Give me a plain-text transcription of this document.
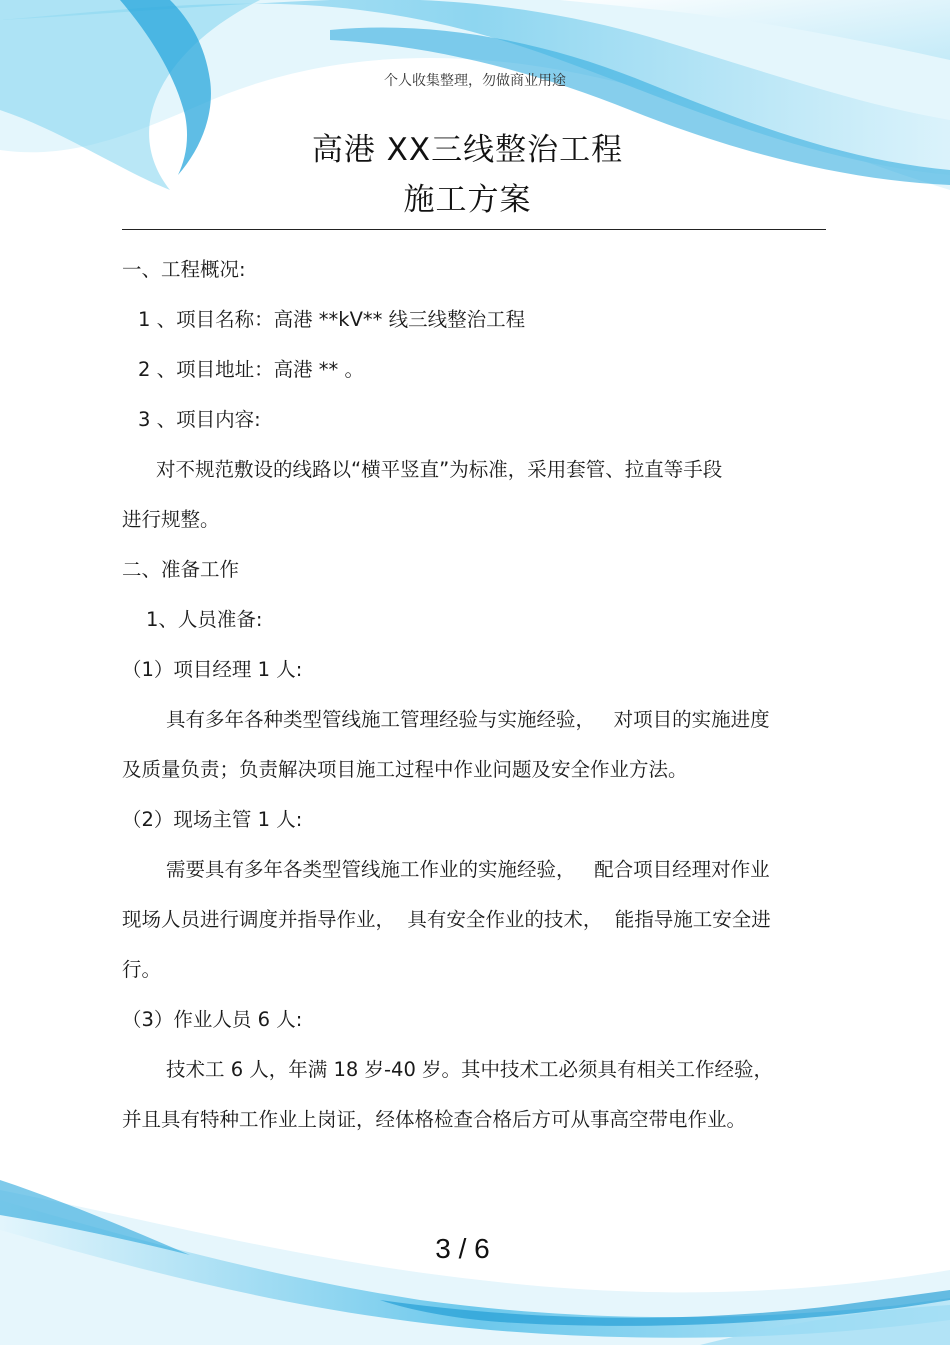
个人收集整理，勿做商业用途
高港 XX三线整治工程
施工方案
一、工程概况:
1 、项目名称：高港 **kV** 线三线整治工程
2 、项目地址：高港 ** 。
3 、项目内容:
对不规范敷设的线路以“横平竖直”为标准，采用套管、拉直等手段
进行规整。
二、准备工作
1、人员准备:
（1）项目经理 1 人:
具有多年各种类型管线施工管理经验与实施经验，   对项目的实施进度
及质量负责；负责解决项目施工过程中作业问题及安全作业方法。
（2）现场主管 1 人:
需要具有多年各类型管线施工作业的实施经验，   配合项目经理对作业
现场人员进行调度并指导作业，  具有安全作业的技术，  能指导施工安全进
行。
（3）作业人员 6 人:
技术工 6 人，年满 18 岁-40 岁。其中技术工必须具有相关工作经验，
并且具有特种工作业上岗证，经体格检查合格后方可从事高空带电作业。
3 / 6
